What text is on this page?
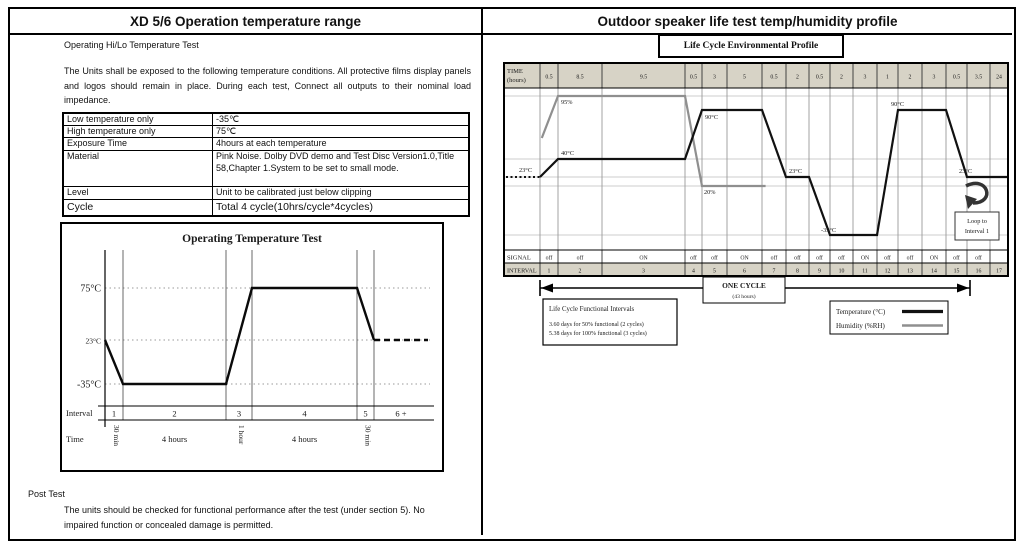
XD 5/6 Operation temperature range	Outdoor speaker life test temp/humidity profile
Operating Hi/Lo Temperature Test
The Units shall be exposed to the following temperature conditions. All protective films display panels and logos should remain in place. During each test, Connect all outputs to their nominal load impedance.
Low temperature only	-35℃
High temperature only	75℃
Exposure Time	4hours at each temperature
Material	Pink Noise. Dolby DVD demo and Test Disc Version1.0,Title 58,Chapter 1.System to be set to small mode.
Level	Unit to be calibrated just below clipping
Cycle	Total 4 cycle(10hrs/cycle*4cycles)
Operating Temperature Test
75°C
23°C
-35°C
Interval
Time
1
30 min
2
4 hours
3
1 hour
4
4 hours
5
30 min
6 +
Post Test
The units should be checked for functional performance after the test (under section 5). No impaired function or concealed damage is permitted.
Life Cycle Environmental Profile
TIME
(hours)	0.5	8.5	9.5	0.5	3	5	0.5	2	0.5	2	3	1	2	3	0.5	3.5 24
SIGNAL	off	off	ON	off off	ON	off	off	off	off	ON	off	off	ON	off	off
INTERVAL 1	2	3	4	5	6	7	8	9	10	11	12	13	14	15	16	17
23°C
95%
40°C
90°C
20%
23°C
-35°C
90°C
23°C
Loop to
Interval 1
ONE CYCLE
(43 hours)
Life Cycle Functional Intervals
3.60 days for 50% functional (2 cycles)
5.38 days for 100% functional (3 cycles)
Temperature (°C)
Humidity (%RH)
